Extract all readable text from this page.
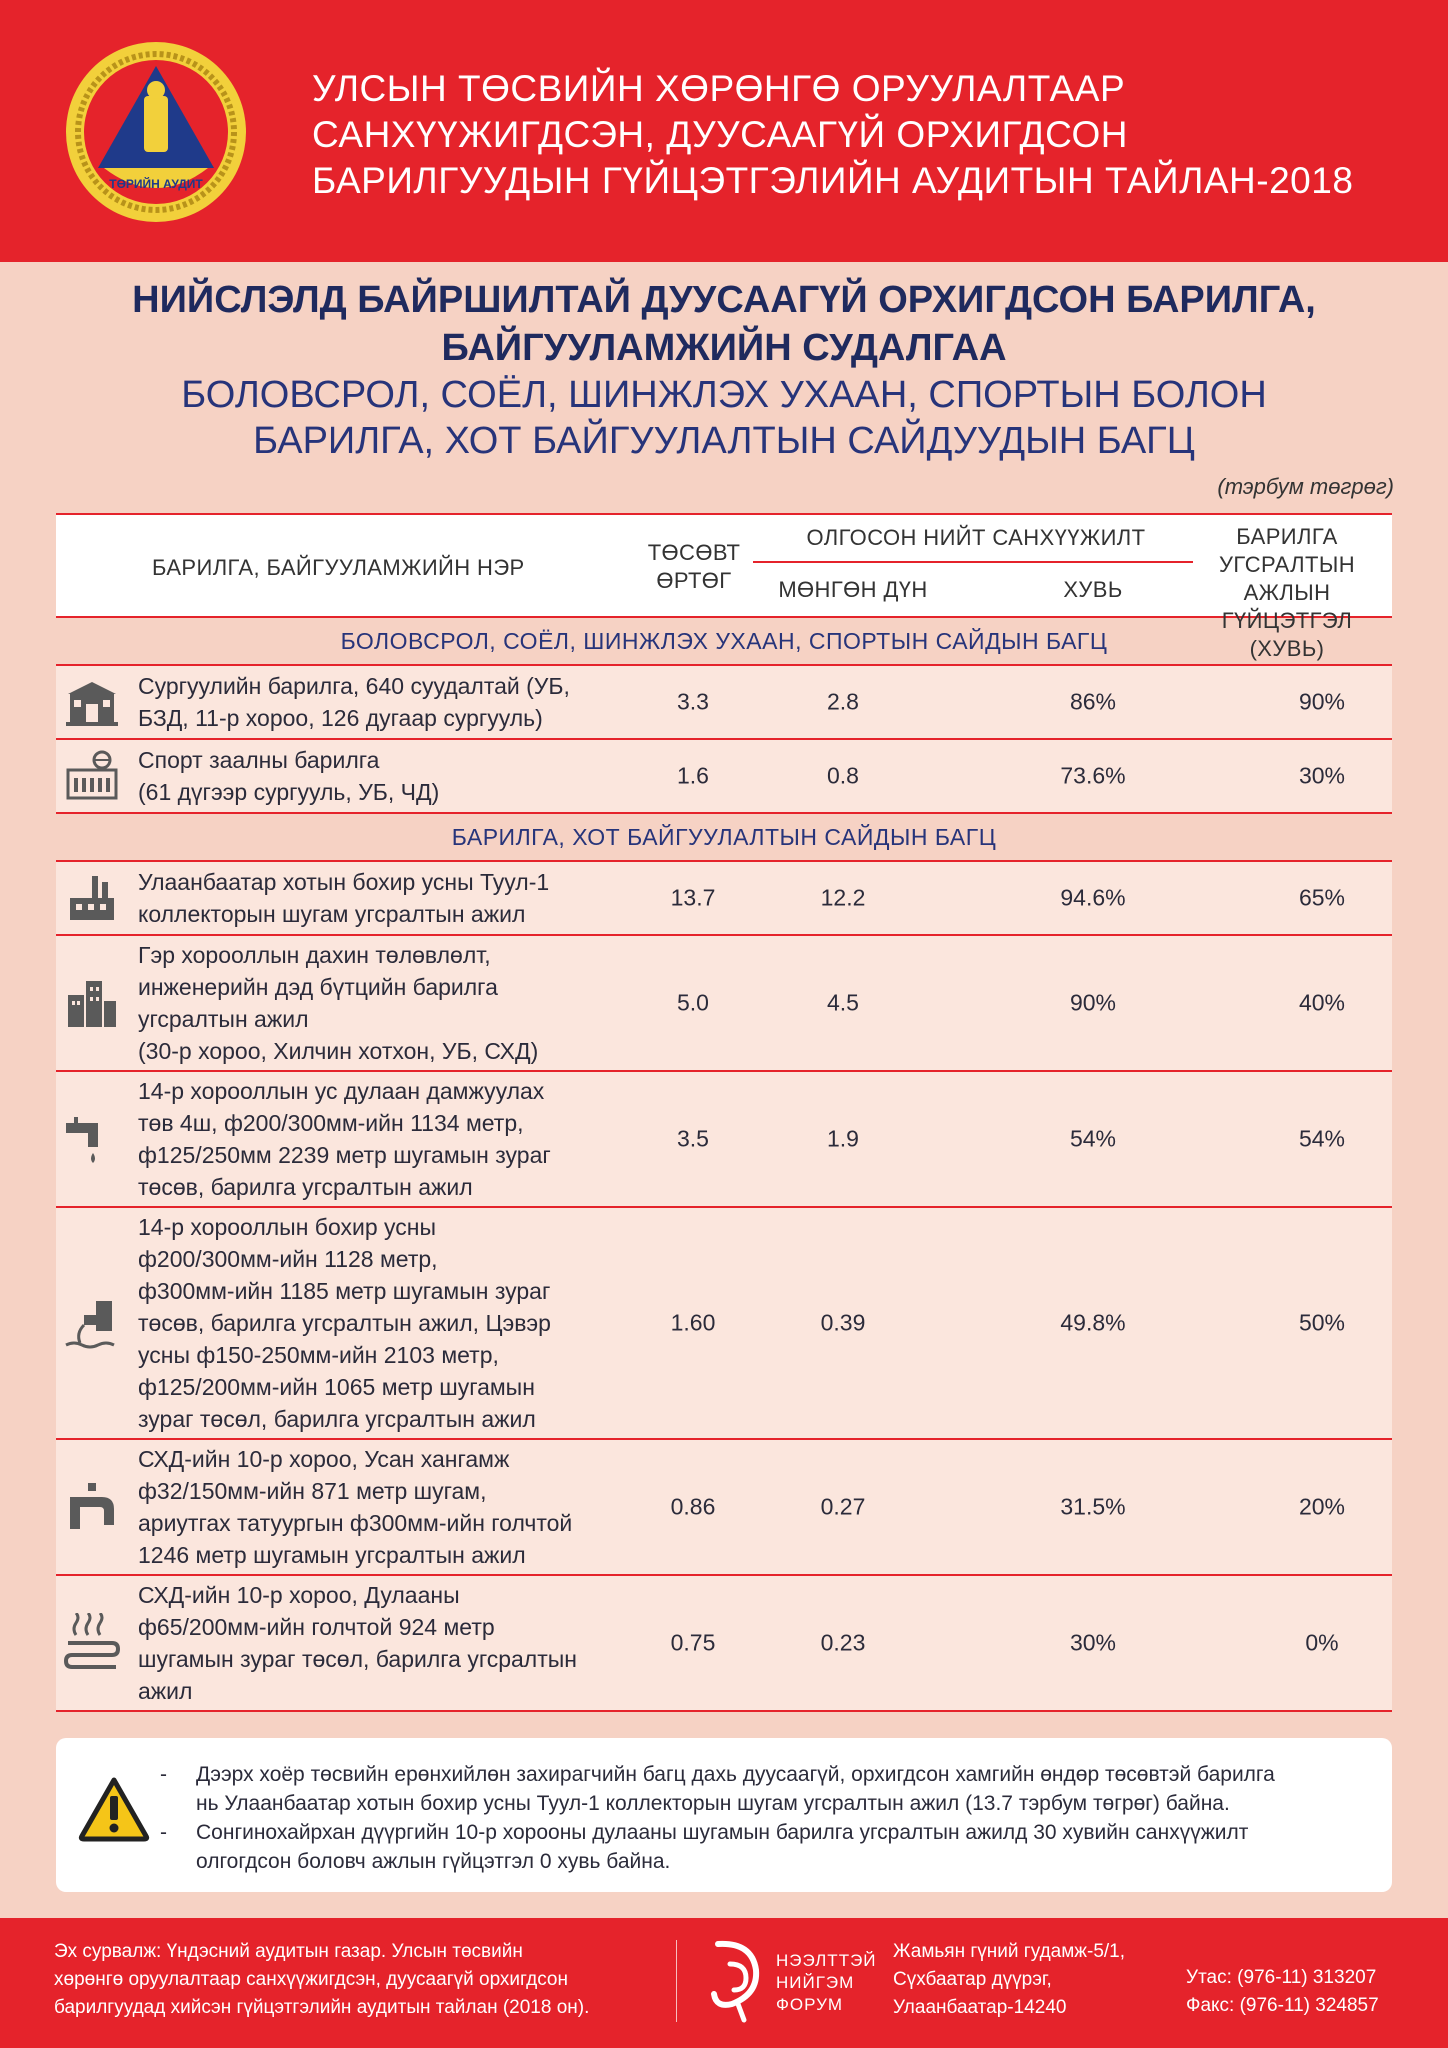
ТӨРИЙН АУДИТ
УЛСЫН ТӨСВИЙН ХӨРӨНГӨ ОРУУЛАЛТААР
САНХҮҮЖИГДСЭН, ДУУСААГҮЙ ОРХИГДСОН
БАРИЛГУУДЫН ГҮЙЦЭТГЭЛИЙН АУДИТЫН ТАЙЛАН-2018
НИЙСЛЭЛД БАЙРШИЛТАЙ ДУУСААГҮЙ ОРХИГДСОН БАРИЛГА,
БАЙГУУЛАМЖИЙН СУДАЛГАА
БОЛОВСРОЛ, СОЁЛ, ШИНЖЛЭХ УХААН, СПОРТЫН БОЛОН
БАРИЛГА, ХОТ БАЙГУУЛАЛТЫН САЙДУУДЫН БАГЦ
(тэрбум төгрөг)
БАРИЛГА, БАЙГУУЛАМЖИЙН НЭР
ТӨСӨВТ
ӨРТӨГ
ОЛГОСОН НИЙТ САНХҮҮЖИЛТ
МӨНГӨН ДҮН	ХУВЬ
БАРИЛГА
УГСРАЛТЫН АЖЛЫН
ГҮЙЦЭТГЭЛ (ХУВЬ)
БОЛОВСРОЛ, СОЁЛ, ШИНЖЛЭХ УХААН, СПОРТЫН САЙДЫН БАГЦ
Сургуулийн барилга, 640 суудалтай (УБ,
БЗД, 11-р хороо, 126 дугаар сургууль)
3.3	2.8	86%	90%
Спорт заалны барилга
(61 дүгээр сургууль, УБ, ЧД)
1.6	0.8	73.6%	30%
БАРИЛГА, ХОТ БАЙГУУЛАЛТЫН САЙДЫН БАГЦ
Улаанбаатар хотын бохир усны Туул-1
коллекторын шугам угсралтын ажил
13.7	12.2	94.6%	65%
Гэр хорооллын дахин төлөвлөлт,
инженерийн дэд бүтцийн барилга
угсралтын ажил
(30-р хороо, Хилчин хотхон, УБ, СХД)
5.0	4.5	90%	40%
14-р хорооллын ус дулаан дамжуулах
төв 4ш, ф200/300мм-ийн 1134 метр,
ф125/250мм 2239 метр шугамын зураг
төсөв, барилга угсралтын ажил
3.5	1.9	54%	54%
14-р хорооллын бохир усны
ф200/300мм-ийн 1128 метр,
ф300мм-ийн 1185 метр шугамын зураг
төсөв, барилга угсралтын ажил, Цэвэр
усны ф150-250мм-ийн 2103 метр,
ф125/200мм-ийн 1065 метр шугамын
зураг төсөл, барилга угсралтын ажил
1.60	0.39	49.8%	50%
СХД-ийн 10-р хороо, Усан хангамж
ф32/150мм-ийн 871 метр шугам,
ариутгах татуургын ф300мм-ийн голчтой
1246 метр шугамын угсралтын ажил
0.86	0.27	31.5%	20%
СХД-ийн 10-р хороо, Дулааны
ф65/200мм-ийн голчтой 924 метр
шугамын зураг төсөл, барилга угсралтын
ажил
0.75	0.23	30%	0%
- Дээрх хоёр төсвийн ерөнхийлөн захирагчийн багц дахь дуусаагүй, орхигдсон хамгийн өндөр төсөвтэй барилга
нь Улаанбаатар хотын бохир усны Туул-1 коллекторын шугам угсралтын ажил (13.7 тэрбум төгрөг) байна.
- Сонгинохайрхан дүүргийн 10-р хорооны дулааны шугамын барилга угсралтын ажилд 30 хувийн санхүүжилт
олгогдсон боловч ажлын гүйцэтгэл 0 хувь байна.
Эх сурвалж: Үндэсний аудитын газар. Улсын төсвийн
хөрөнгө оруулалтаар санхүүжигдсэн, дуусаагүй орхигдсон
барилгуудад хийсэн гүйцэтгэлийн аудитын тайлан (2018 он).
НЭЭЛТТЭЙ
НИЙГЭМ
ФОРУМ
Жамьян гүний гудамж-5/1,
Сүхбаатар дүүрэг,
Улаанбаатар-14240
Утас: (976-11) 313207
Факс: (976-11) 324857
